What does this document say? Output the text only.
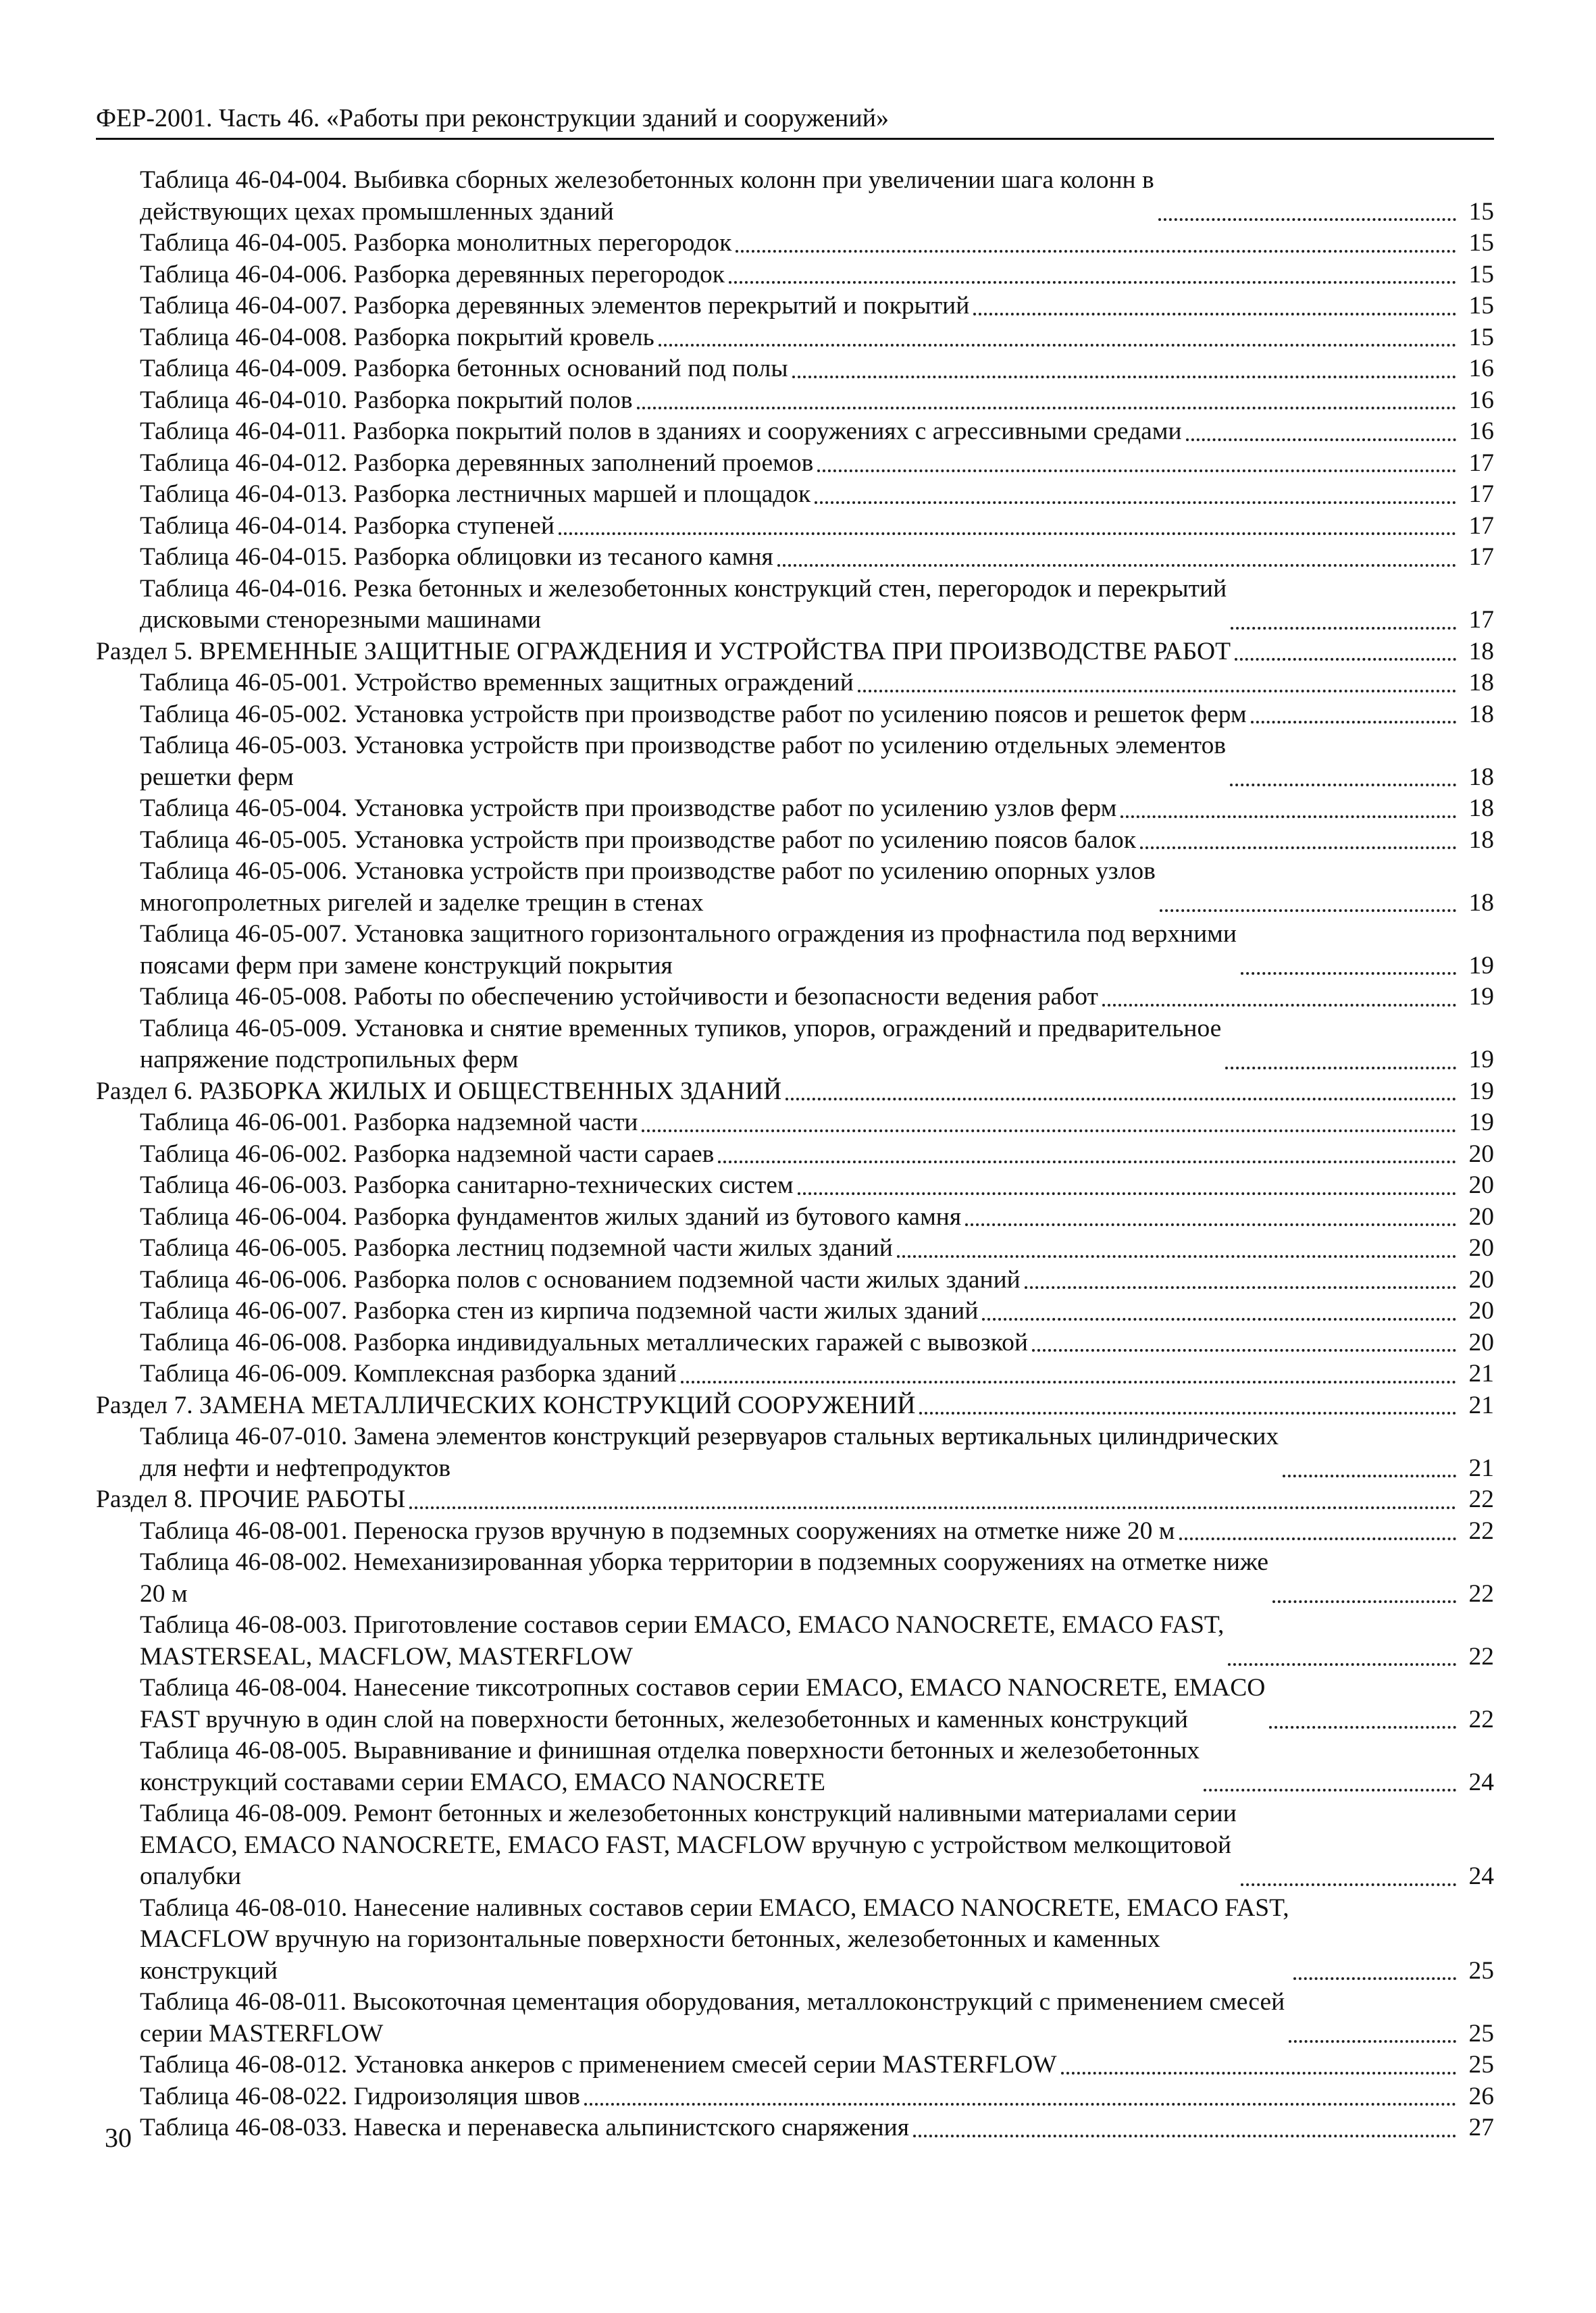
ФЕР-2001. Часть 46. «Работы при реконструкции зданий и сооружений»
Таблица 46-04-004. Выбивка сборных железобетонных колонн при увеличении шага колонн в
действующих цехах промышленных зданий	15
Таблица 46-04-005. Разборка монолитных перегородок	15
Таблица 46-04-006. Разборка деревянных перегородок	15
Таблица 46-04-007. Разборка деревянных элементов перекрытий и покрытий	15
Таблица 46-04-008. Разборка покрытий кровель	15
Таблица 46-04-009. Разборка бетонных оснований под полы	16
Таблица 46-04-010. Разборка покрытий полов	16
Таблица 46-04-011. Разборка покрытий полов в зданиях и сооружениях с агрессивными средами	16
Таблица 46-04-012. Разборка деревянных заполнений проемов	17
Таблица 46-04-013. Разборка лестничных маршей и площадок	17
Таблица 46-04-014. Разборка ступеней	17
Таблица 46-04-015. Разборка облицовки из тесаного камня	17
Таблица 46-04-016. Резка бетонных и железобетонных конструкций стен, перегородок и перекрытий
дисковыми стенорезными машинами	17
Раздел 5. ВРЕМЕННЫЕ ЗАЩИТНЫЕ ОГРАЖДЕНИЯ И УСТРОЙСТВА ПРИ ПРОИЗВОДСТВЕ РАБОТ	18
Таблица 46-05-001. Устройство временных защитных ограждений	18
Таблица 46-05-002. Установка устройств при производстве работ по усилению поясов и решеток ферм	18
Таблица 46-05-003. Установка устройств при производстве работ по усилению отдельных элементов
решетки ферм	18
Таблица 46-05-004. Установка устройств при производстве работ по усилению узлов ферм	18
Таблица 46-05-005. Установка устройств при производстве работ по усилению поясов балок	18
Таблица 46-05-006. Установка устройств при производстве работ по усилению опорных узлов
многопролетных ригелей и заделке трещин в стенах	18
Таблица 46-05-007. Установка защитного горизонтального ограждения из профнастила под верхними
поясами ферм при замене конструкций покрытия	19
Таблица 46-05-008. Работы по обеспечению устойчивости и безопасности ведения работ	19
Таблица 46-05-009. Установка и снятие временных тупиков, упоров, ограждений и предварительное
напряжение подстропильных ферм	19
Раздел 6. РАЗБОРКА ЖИЛЫХ И ОБЩЕСТВЕННЫХ ЗДАНИЙ	19
Таблица 46-06-001. Разборка надземной части	19
Таблица 46-06-002. Разборка надземной части сараев	20
Таблица 46-06-003. Разборка санитарно-технических систем	20
Таблица 46-06-004. Разборка фундаментов жилых зданий из бутового камня	20
Таблица 46-06-005. Разборка лестниц подземной части жилых зданий	20
Таблица 46-06-006. Разборка полов с основанием подземной части жилых зданий	20
Таблица 46-06-007. Разборка стен из кирпича подземной части жилых зданий	20
Таблица 46-06-008. Разборка индивидуальных металлических гаражей с вывозкой	20
Таблица 46-06-009. Комплексная разборка зданий	21
Раздел 7. ЗАМЕНА МЕТАЛЛИЧЕСКИХ КОНСТРУКЦИЙ СООРУЖЕНИЙ	21
Таблица 46-07-010. Замена элементов конструкций резервуаров стальных вертикальных цилиндрических
для нефти и нефтепродуктов	21
Раздел 8. ПРОЧИЕ РАБОТЫ	22
Таблица 46-08-001. Переноска грузов вручную в подземных сооружениях на отметке ниже 20 м	22
Таблица 46-08-002. Немеханизированная уборка территории в подземных сооружениях на отметке ниже
20 м	22
Таблица 46-08-003. Приготовление составов серии EMACO, EMACO NANOCRETE, EMACO FAST,
MASTERSEAL, MACFLOW, MASTERFLOW	22
Таблица 46-08-004. Нанесение тиксотропных составов серии EMACO, EMACO NANOCRETE, EMACO
FAST вручную в один слой на поверхности бетонных, железобетонных и каменных конструкций	22
Таблица 46-08-005. Выравнивание и финишная отделка поверхности бетонных и железобетонных
конструкций составами серии EMACO, EMACO NANOCRETE	24
Таблица 46-08-009. Ремонт бетонных и железобетонных конструкций наливными материалами серии
EMACO, EMACO NANOCRETE, EMACO FAST, MACFLOW вручную с устройством мелкощитовой
опалубки	24
Таблица 46-08-010. Нанесение наливных составов серии EMACO, EMACO NANOCRETE, EMACO FAST,
MACFLOW вручную на горизонтальные поверхности бетонных, железобетонных и каменных
конструкций	25
Таблица 46-08-011. Высокоточная цементация оборудования, металлоконструкций с применением смесей
серии MASTERFLOW	25
Таблица 46-08-012. Установка анкеров с применением смесей серии MASTERFLOW	25
Таблица 46-08-022. Гидроизоляция швов	26
Таблица 46-08-033. Навеска и перенавеска альпинистского снаряжения	27
30
